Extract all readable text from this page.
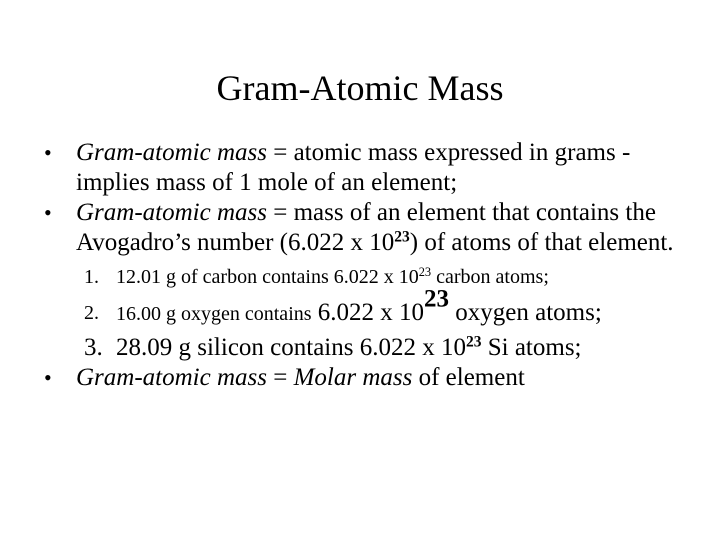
Gram-Atomic Mass
• Gram-atomic mass = atomic mass expressed in grams - implies mass of 1 mole of an element;
• Gram-atomic mass = mass of an element that contains the Avogadro’s number (6.022 x $10^{23}$) of atoms of that element.
1. 12.01 g of carbon contains 6.022 x $10^{23}$ carbon atoms;
2. 16.00 g oxygen contains 6.022 x $10^{23}$ oxygen atoms;
3. 28.09 g silicon contains 6.022 x $10^{23}$ Si atoms;
• Gram-atomic mass = Molar mass of element
